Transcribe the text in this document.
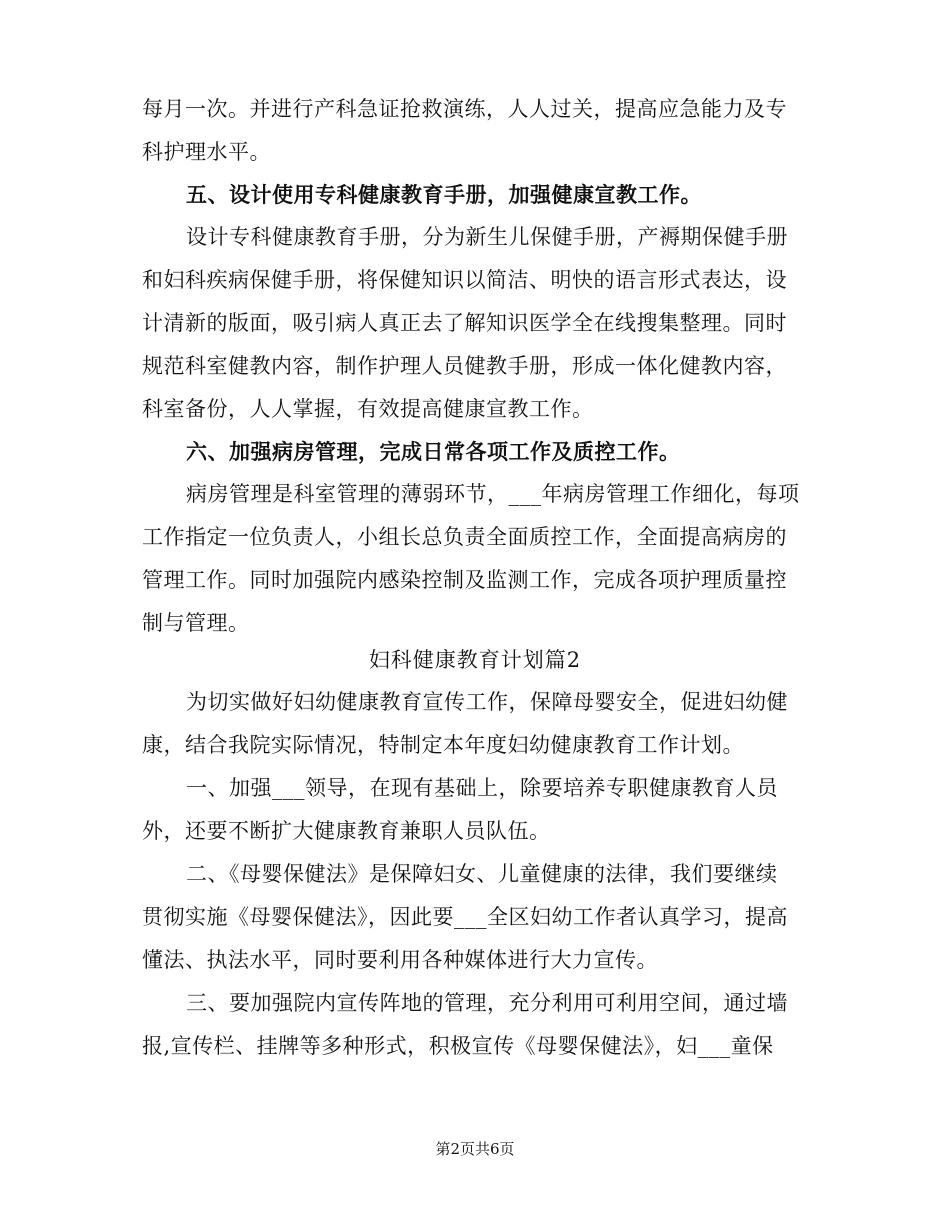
每月一次。并进行产科急证抢救演练，人人过关，提高应急能力及专
科护理水平。
五、设计使用专科健康教育手册，加强健康宣教工作。
设计专科健康教育手册，分为新生儿保健手册，产褥期保健手册
和妇科疾病保健手册，将保健知识以简洁、明快的语言形式表达，设
计清新的版面，吸引病人真正去了解知识医学全在线搜集整理。同时
规范科室健教内容，制作护理人员健教手册，形成一体化健教内容，
科室备份，人人掌握，有效提高健康宣教工作。
六、加强病房管理，完成日常各项工作及质控工作。
病房管理是科室管理的薄弱环节，___年病房管理工作细化，每项
工作指定一位负责人，小组长总负责全面质控工作，全面提高病房的
管理工作。同时加强院内感染控制及监测工作，完成各项护理质量控
制与管理。
妇科健康教育计划篇2
为切实做好妇幼健康教育宣传工作，保障母婴安全，促进妇幼健
康，结合我院实际情况，特制定本年度妇幼健康教育工作计划。
一、加强___领导，在现有基础上，除要培养专职健康教育人员
外，还要不断扩大健康教育兼职人员队伍。
二、《母婴保健法》是保障妇女、儿童健康的法律，我们要继续
贯彻实施《母婴保健法》，因此要___全区妇幼工作者认真学习，提高
懂法、执法水平，同时要利用各种媒体进行大力宣传。
三、要加强院内宣传阵地的管理，充分利用可利用空间，通过墙
报,宣传栏、挂牌等多种形式，积极宣传《母婴保健法》，妇___童保
第2页共6页
